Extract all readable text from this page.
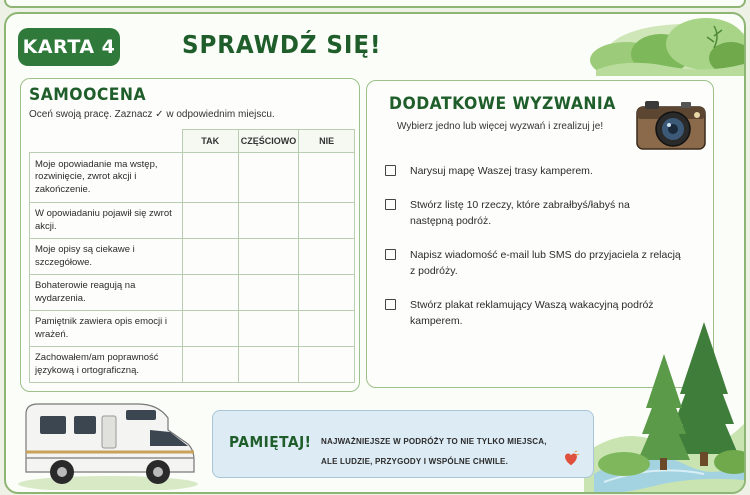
KARTA 4	SPRAWDŹ SIĘ!
SAMOOCENA
Oceń swoją pracę. Zaznacz ✓ w odpowiednim miejscu.
	TAK	CZĘŚCIOWO	NIE
Moje opowiadanie ma wstęp, rozwinięcie, zwrot akcji i zakończenie.			
W opowiadaniu pojawił się zwrot akcji.			
Moje opisy są ciekawe i szczegółowe.			
Bohaterowie reagują na wydarzenia.			
Pamiętnik zawiera opis emocji i wrażeń.			
Zachowałem/am poprawność językową i ortograficzną.			
DODATKOWE WYZWANIA
Wybierz jedno lub więcej wyzwań i zrealizuj je!
Narysuj mapę Waszej trasy kamperem.
Stwórz listę 10 rzeczy, które zabrałbyś/łabyś na następną podróż.
Napisz wiadomość e-mail lub SMS do przyjaciela z relacją z podróży.
Stwórz plakat reklamujący Waszą wakacyjną podróż kamperem.
PAMIĘTAJ! NAJWAŻNIEJSZE W PODRÓŻY TO NIE TYLKO MIEJSCA,
ALE LUDZIE, PRZYGODY I WSPÓLNE CHWILE.
